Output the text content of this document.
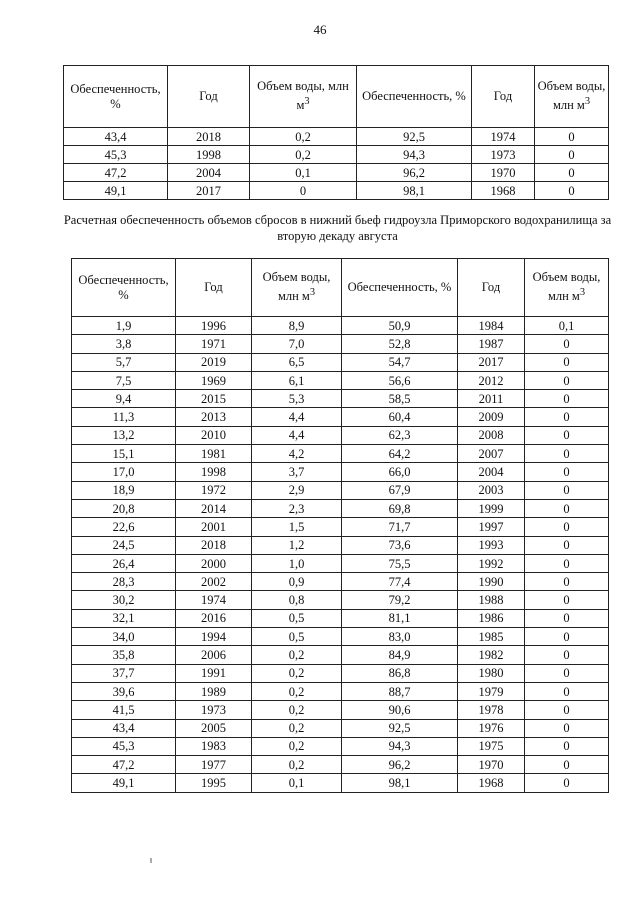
46
Обеспеченность, %	Год	Объем воды, млн $м^3$	Обеспеченность, %	Год	Объем воды, млн $м^3$
43,4	2018	0,2	92,5	1974	0
45,3	1998	0,2	94,3	1973	0
47,2	2004	0,1	96,2	1970	0
49,1	2017	0	98,1	1968	0
Расчетная обеспеченность объемов сбросов в нижний бьеф гидроузла Приморского водохранилища за вторую декаду августа
Обеспеченность, %	Год	Объем воды, млн $м^3$	Обеспеченность, %	Год	Объем воды, млн $м^3$
1,9	1996	8,9	50,9	1984	0,1
3,8	1971	7,0	52,8	1987	0
5,7	2019	6,5	54,7	2017	0
7,5	1969	6,1	56,6	2012	0
9,4	2015	5,3	58,5	2011	0
11,3	2013	4,4	60,4	2009	0
13,2	2010	4,4	62,3	2008	0
15,1	1981	4,2	64,2	2007	0
17,0	1998	3,7	66,0	2004	0
18,9	1972	2,9	67,9	2003	0
20,8	2014	2,3	69,8	1999	0
22,6	2001	1,5	71,7	1997	0
24,5	2018	1,2	73,6	1993	0
26,4	2000	1,0	75,5	1992	0
28,3	2002	0,9	77,4	1990	0
30,2	1974	0,8	79,2	1988	0
32,1	2016	0,5	81,1	1986	0
34,0	1994	0,5	83,0	1985	0
35,8	2006	0,2	84,9	1982	0
37,7	1991	0,2	86,8	1980	0
39,6	1989	0,2	88,7	1979	0
41,5	1973	0,2	90,6	1978	0
43,4	2005	0,2	92,5	1976	0
45,3	1983	0,2	94,3	1975	0
47,2	1977	0,2	96,2	1970	0
49,1	1995	0,1	98,1	1968	0
